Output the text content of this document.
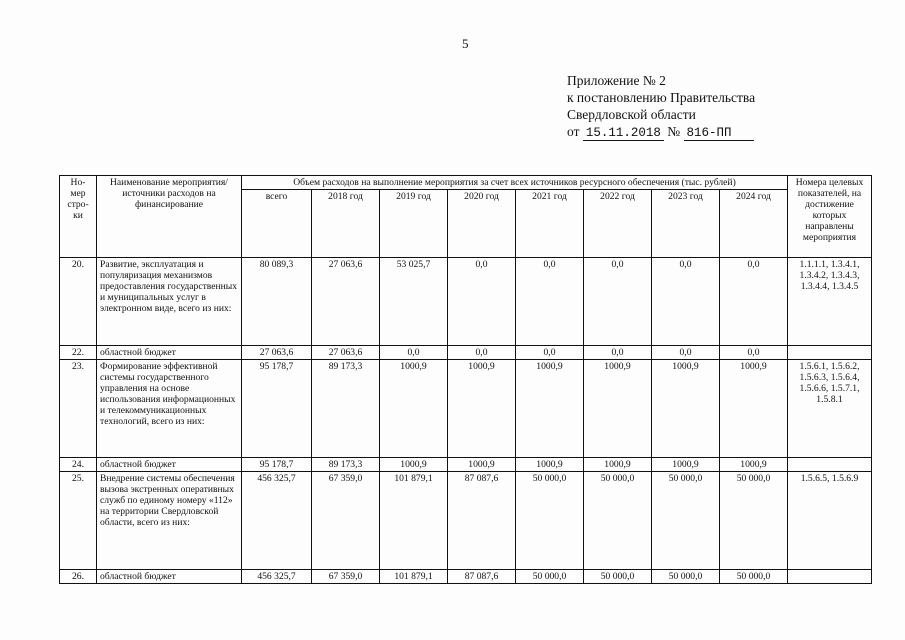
5
Приложение № 2
к постановлению Правительства
Свердловской области
от 15.11.2018 № 816-ПП
Но-мер стро-ки	Наименование мероприятия/ источники расходов на финансирование	Объем расходов на выполнение мероприятия за счет всех источников ресурсного обеспечения (тыс. рублей)								Номера целевых показателей, на достижение которых направлены мероприятия
		всего	2018 год	2019 год	2020 год	2021 год	2022 год	2023 год	2024 год	
20.	Развитие, эксплуатация и популяризация механизмов предоставления государственных и муниципальных услуг в электронном виде, всего из них:	80 089,3	27 063,6	53 025,7	0,0	0,0	0,0	0,0	0,0	1.1.1.1, 1.3.4.1, 1.3.4.2, 1.3.4.3, 1.3.4.4, 1.3.4.5
22.	областной бюджет	27 063,6	27 063,6	0,0	0,0	0,0	0,0	0,0	0,0	
23.	Формирование эффективной системы государственного управления на основе использования информационных и телекоммуникационных технологий, всего из них:	95 178,7	89 173,3	1000,9	1000,9	1000,9	1000,9	1000,9	1000,9	1.5.6.1, 1.5.6.2, 1.5.6.3, 1.5.6.4, 1.5.6.6, 1.5.7.1, 1.5.8.1
24.	областной бюджет	95 178,7	89 173,3	1000,9	1000,9	1000,9	1000,9	1000,9	1000,9	
25.	Внедрение системы обеспечения вызова экстренных оперативных служб по единому номеру «112» на территории Свердловской области, всего из них:	456 325,7	67 359,0	101 879,1	87 087,6	50 000,0	50 000,0	50 000,0	50 000,0	1.5.6.5, 1.5.6.9
26.	областной бюджет	456 325,7	67 359,0	101 879,1	87 087,6	50 000,0	50 000,0	50 000,0	50 000,0	
